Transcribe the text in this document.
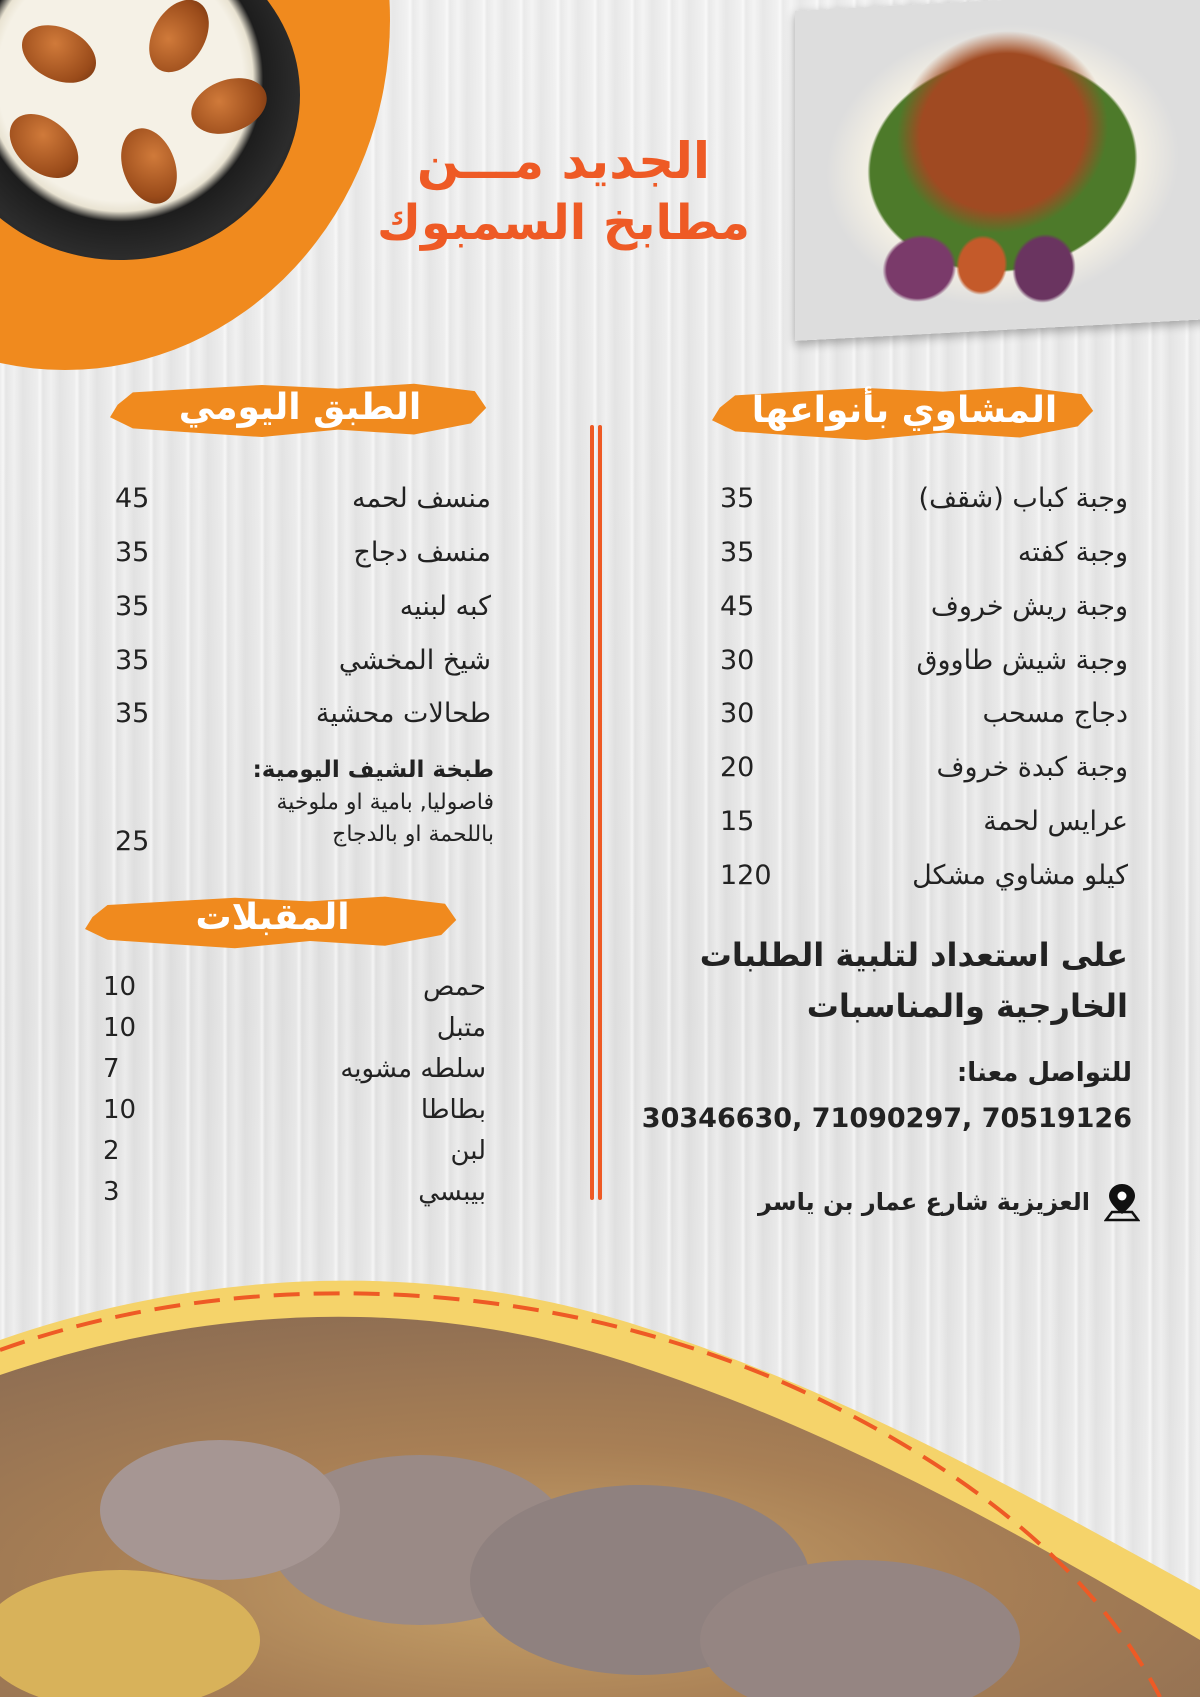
الجديد مـــن
مطابخ السمبوك
المشاوي بأنواعها
الطبق اليومي
وجبة كباب (شقف)
35
وجبة كفته
35
وجبة ريش خروف
45
وجبة شيش طاووق
30
دجاج مسحب
30
وجبة كبدة خروف
20
عرايس لحمة
15
كيلو مشاوي مشكل
120
منسف لحمه
45
منسف دجاج
35
كبه لبنيه
35
شيخ المخشي
35
طحالات محشية
35
طبخة الشيف اليومية:
فاصوليا, بامية او ملوخية
باللحمة او بالدجاج
25
المقبلات
حمص
10
متبل
10
سلطه مشويه
7
بطاطا
10
لبن
2
بيبسي
3
على استعداد لتلبية الطلبات
الخارجية والمناسبات
للتواصل معنا:
30346630, 71090297, 70519126
العزيزية شارع عمار بن ياسر
